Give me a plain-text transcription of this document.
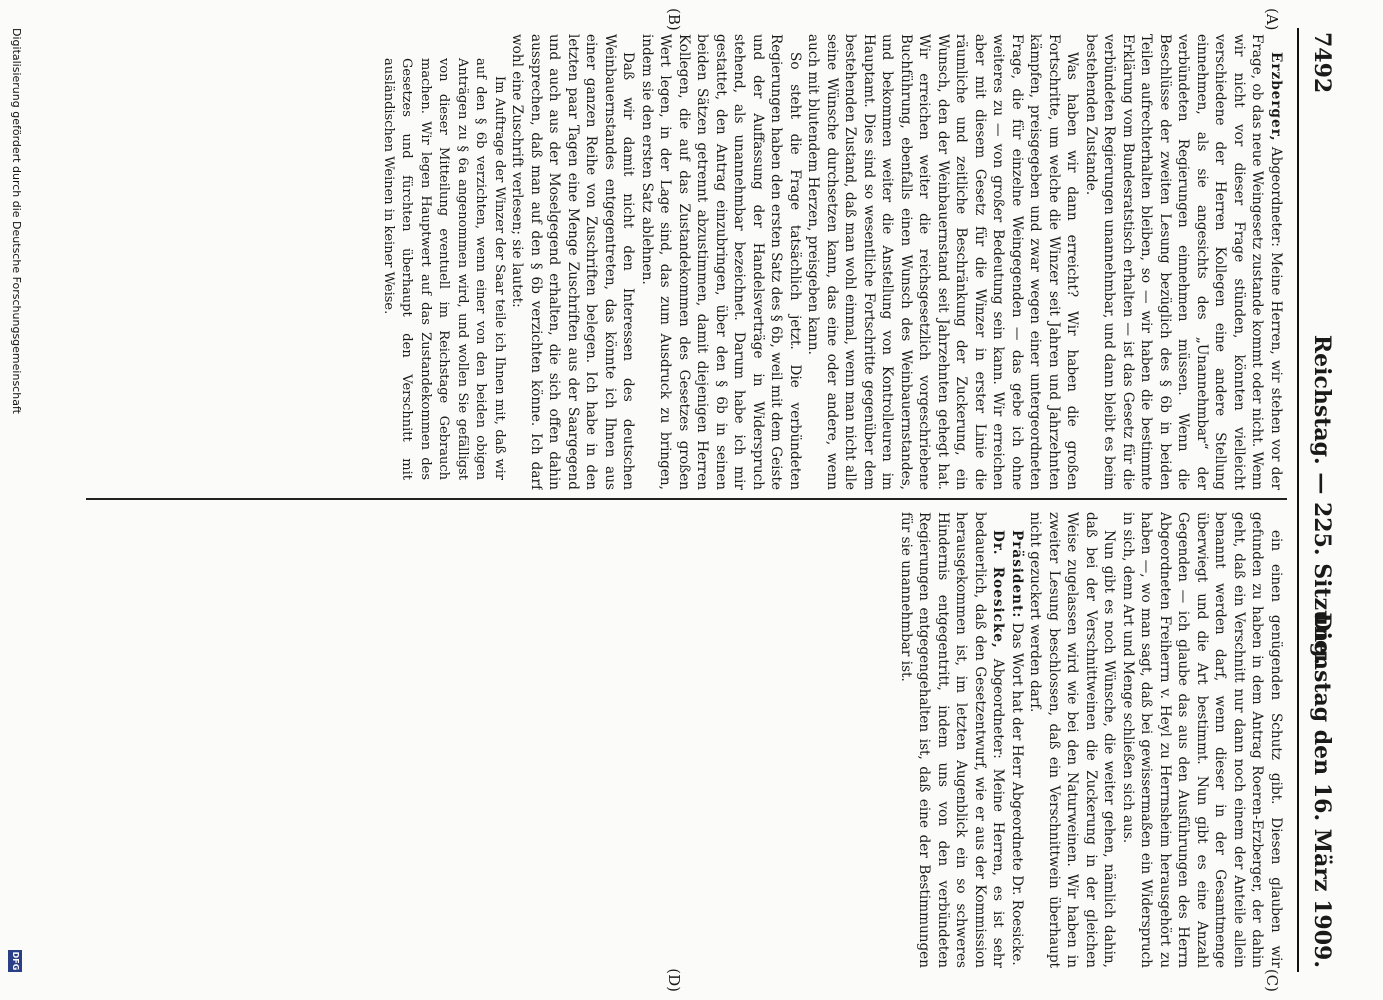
7492
Reichstag. — 225. Sitzung.
Dienstag den 16. März 1909.
(A)
(B)
(C)
(D)

Erzberger, Abgeordneter: Meine Herren, wir stehen vor der Frage, ob das neue Weingesetz zustande kommt oder nicht. Wenn wir nicht vor dieser Frage stünden, könnten vielleicht verschiedene der Herren Kollegen eine andere Stellung einnehmen, als sie angesichts des „Unannehmbar“ der verbündeten Regierungen einnehmen müssen. Wenn die Beschlüsse der zweiten Lesung bezüglich des § 6b in beiden Teilen aufrechterhalten bleiben, so — wir haben die bestimmte Erklärung vom Bundesratstisch erhalten — ist das Gesetz für die verbündeten Regierungen unannehmbar, und dann bleibt es beim bestehenden Zustande.

Was haben wir dann erreicht? Wir haben die großen Fortschritte, um welche die Winzer seit Jahren und Jahrzehnten kämpfen, preisgegeben und zwar wegen einer untergeordneten Frage, die für einzelne Weingegenden — das gebe ich ohne weiteres zu — von großer Bedeutung sein kann. Wir erreichen aber mit diesem Gesetz für die Winzer in erster Linie die räumliche und zeitliche Beschränkung der Zuckerung, ein Wunsch, den der Weinbauernstand seit Jahrzehnten gehegt hat. Wir erreichen weiter die reichsgesetzlich vorgeschriebene Buchführung, ebenfalls einen Wunsch des Weinbauernstandes, und bekommen weiter die Anstellung von Kontrolleuren im Hauptamt. Dies sind so wesentliche Fortschritte gegenüber dem bestehenden Zustand, daß man wohl einmal, wenn man nicht alle seine Wünsche durchsetzen kann, das eine oder andere, wenn auch mit blutendem Herzen, preisgeben kann.

So steht die Frage tatsächlich jetzt. Die verbündeten Regierungen haben den ersten Satz des § 6b, weil mit dem Geiste und der Auffassung der Handelsverträge in Widerspruch stehend, als unannehmbar bezeichnet. Darum habe ich mir gestattet, den Antrag einzubringen, über den § 6b in seinen beiden Sätzen getrennt abzustimmen, damit diejenigen Herren Kollegen, die auf das Zustandekommen des Gesetzes großen Wert legen, in der Lage sind, das zum Ausdruck zu bringen, indem sie den ersten Satz ablehnen.

Daß wir damit nicht den Interessen des deutschen Weinbauernstandes entgegentreten, das könnte ich Ihnen aus einer ganzen Reihe von Zuschriften belegen. Ich habe in den letzten paar Tagen eine Menge Zuschriften aus der Saargegend und auch aus der Moselgegend erhalten, die sich offen dahin aussprechen, daß man auf den § 6b verzichten könne. Ich darf wohl eine Zuschrift verlesen; sie lautet:

Im Auftrage der Winzer der Saar teile ich Ihnen mit, daß wir auf den § 6b verzichten, wenn einer von den beiden obigen Anträgen zu § 6a angenommen wird, und wollen Sie gefälligst von dieser Mitteilung eventuell im Reichstage Gebrauch machen. Wir legen Hauptwert auf das Zustandekommen des Gesetzes und fürchten überhaupt den Verschnitt mit ausländischen Weinen in keiner Weise.

ein einen genügenden Schutz gibt. Diesen glauben wir gefunden zu haben in dem Antrag Roeren-Erzberger, der dahin geht, daß ein Verschnitt nur dann noch einem der Anteile allein benannt werden darf, wenn dieser in der Gesamtmenge überwiegt und die Art bestimmt. Nun gibt es eine Anzahl Gegenden — ich glaube das aus den Ausführungen des Herrn Abgeordneten Freiherrn v. Heyl zu Herrnsheim herausgehört zu haben —, wo man sagt, daß bei gewissermaßen ein Widerspruch in sich, denn Art und Menge schließen sich aus.

Nun gibt es noch Wünsche, die weiter gehen, nämlich dahin, daß bei der Verschnittweinen die Zuckerung in der gleichen Weise zugelassen wird wie bei den Naturweinen. Wir haben in zweiter Lesung beschlossen, daß ein Verschnittwein überhaupt nicht gezuckert werden darf.

Präsident: Das Wort hat der Herr Abgeordnete Dr. Roesicke.

Dr. Roesicke, Abgeordneter: Meine Herren, es ist sehr bedauerlich, daß den Gesetzentwurf, wie er aus der Kommission herausgekommen ist, im letzten Augenblick ein so schweres Hindernis entgegentritt, indem uns von den verbündeten Regierungen entgegengehalten ist, daß eine der Bestimmungen für sie unannehmbar ist.

Digitalisierung gefördert durch die Deutsche Forschungsgemeinschaft
DFG
